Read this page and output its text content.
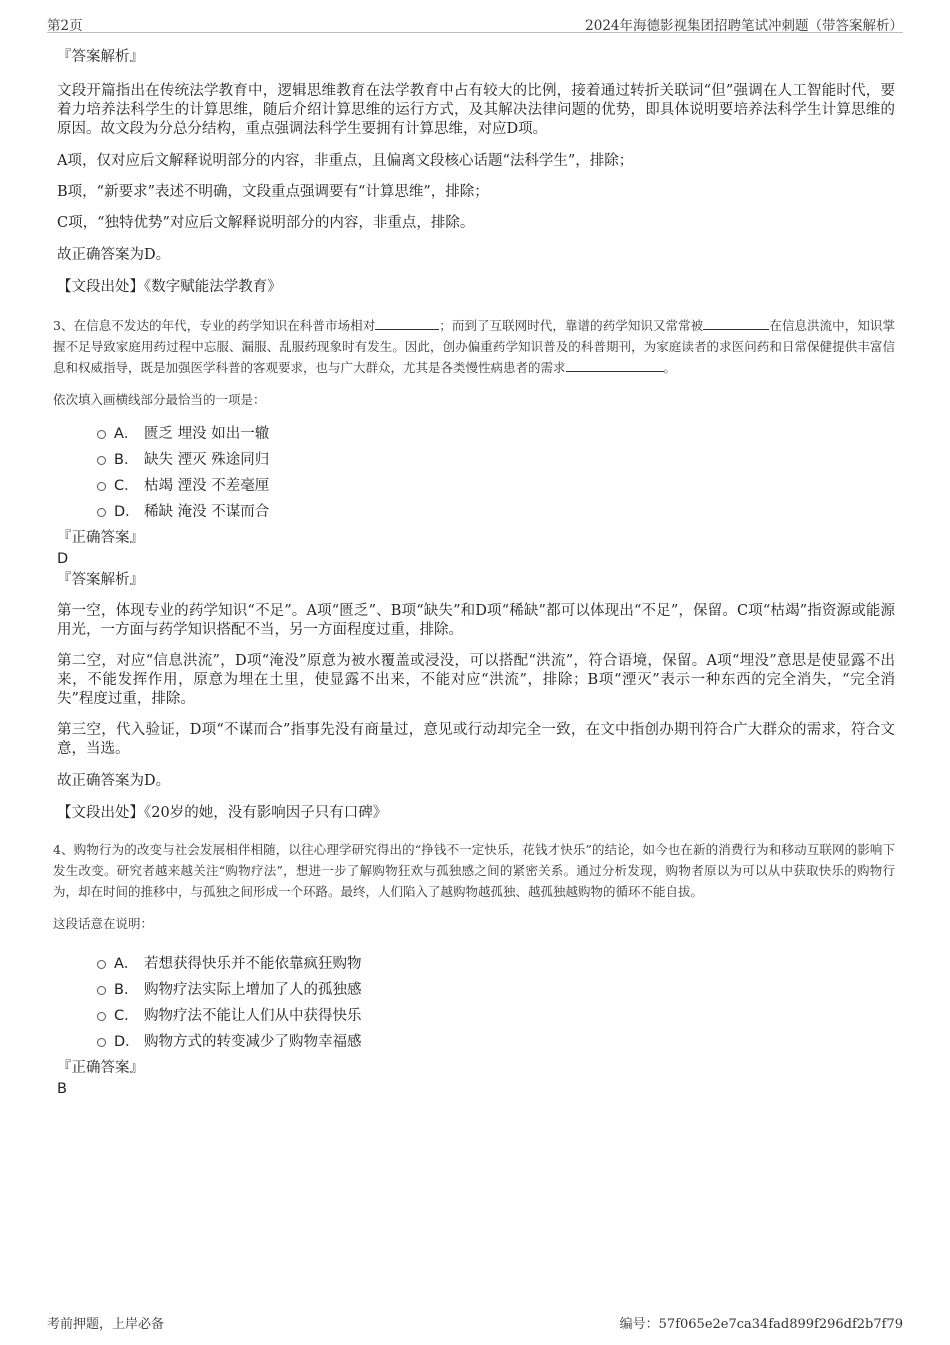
第2页	2024年海德影视集团招聘笔试冲刺题（带答案解析）

『答案解析』

文段开篇指出在传统法学教育中，逻辑思维教育在法学教育中占有较大的比例，接着通过转折关联词“但”强调在人工智能时代，要着力培养法科学生的计算思维，随后介绍计算思维的运行方式，及其解决法律问题的优势，即具体说明要培养法科学生计算思维的原因。故文段为分总分结构，重点强调法科学生要拥有计算思维，对应D项。

A项，仅对应后文解释说明部分的内容，非重点，且偏离文段核心话题“法科学生”，排除；

B项，“新要求”表述不明确，文段重点强调要有“计算思维”，排除；

C项，“独特优势”对应后文解释说明部分的内容，非重点，排除。

故正确答案为D。

【文段出处】《数字赋能法学教育》

3、在信息不发达的年代，专业的药学知识在科普市场相对	；而到了互联网时代，靠谱的药学知识又常常被	在信息洪流中，知识掌握不足导致家庭用药过程中忘服、漏服、乱服药现象时有发生。因此，创办偏重药学知识普及的科普期刊，为家庭读者的求医问药和日常保健提供丰富信息和权威指导，既是加强医学科普的客观要求，也与广大群众，尤其是各类慢性病患者的需求	。

依次填入画横线部分最恰当的一项是：

A． 匮乏 埋没 如出一辙
B． 缺失 湮灭 殊途同归
C． 枯竭 湮没 不差毫厘
D． 稀缺 淹没 不谋而合

『正确答案』

D

『答案解析』

第一空，体现专业的药学知识“不足”。A项“匮乏”、B项“缺失”和D项“稀缺”都可以体现出“不足”，保留。C项“枯竭”指资源或能源用光，一方面与药学知识搭配不当，另一方面程度过重，排除。

第二空，对应“信息洪流”，D项“淹没”原意为被水覆盖或浸没，可以搭配“洪流”，符合语境，保留。A项“埋没”意思是使显露不出来，不能发挥作用，原意为埋在土里，使显露不出来，不能对应“洪流”，排除；B项“湮灭”表示一种东西的完全消失，“完全消失”程度过重，排除。

第三空，代入验证，D项“不谋而合”指事先没有商量过，意见或行动却完全一致，在文中指创办期刊符合广大群众的需求，符合文意，当选。

故正确答案为D。

【文段出处】《20岁的她，没有影响因子只有口碑》

4、购物行为的改变与社会发展相伴相随，以往心理学研究得出的“挣钱不一定快乐，花钱才快乐”的结论，如今也在新的消费行为和移动互联网的影响下发生改变。研究者越来越关注“购物疗法”，想进一步了解购物狂欢与孤独感之间的紧密关系。通过分析发现，购物者原以为可以从中获取快乐的购物行为，却在时间的推移中，与孤独之间形成一个环路。最终，人们陷入了越购物越孤独、越孤独越购物的循环不能自拔。

这段话意在说明：

A． 若想获得快乐并不能依靠疯狂购物
B． 购物疗法实际上增加了人的孤独感
C． 购物疗法不能让人们从中获得快乐
D． 购物方式的转变减少了购物幸福感

『正确答案』

B

考前押题，上岸必备	编号：57f065e2e7ca34fad899f296df2b7f79
